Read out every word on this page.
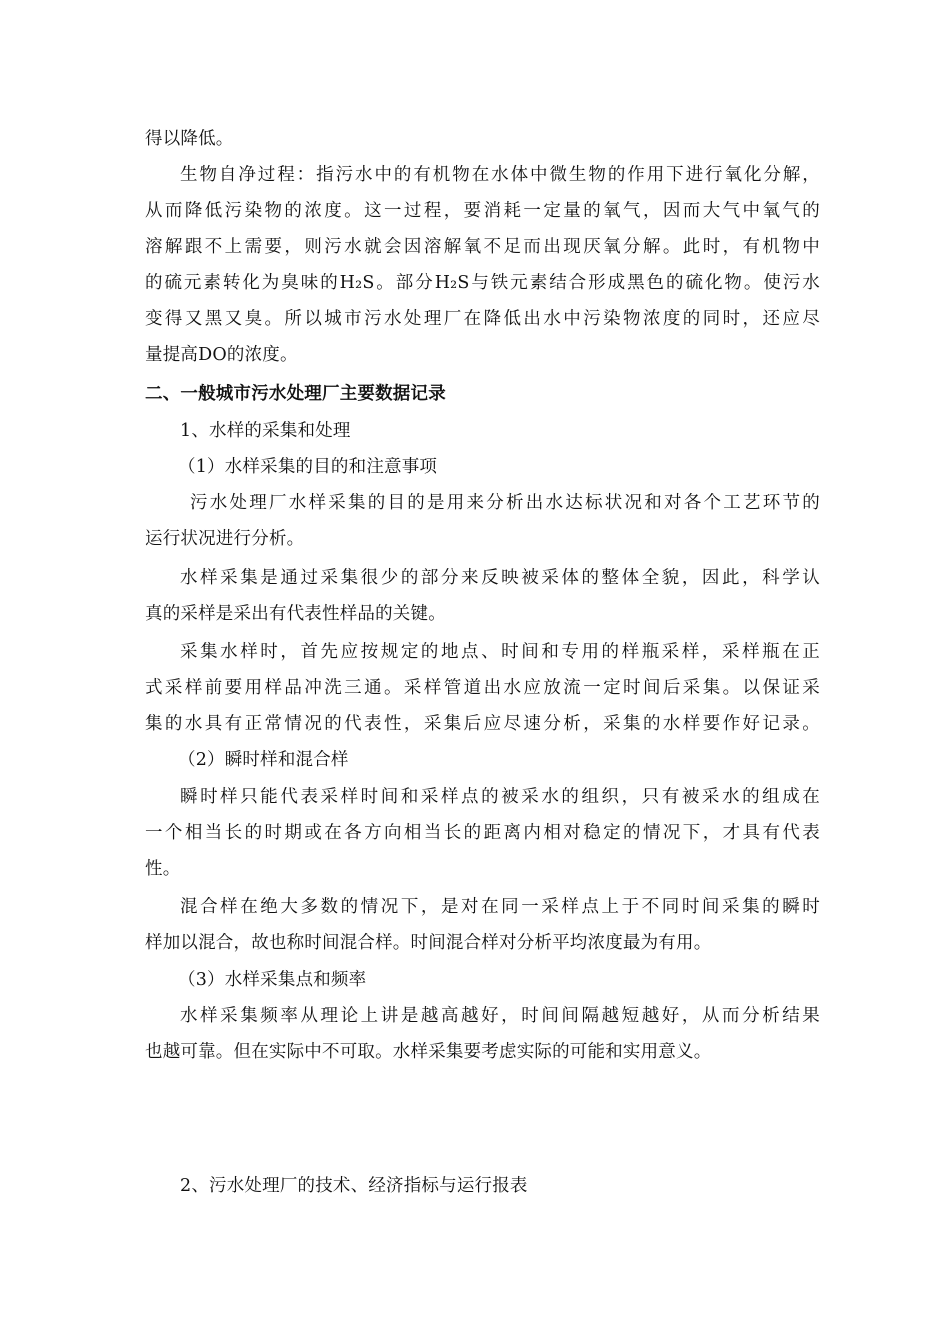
得以降低。
生物自净过程：指污水中的有机物在水体中微生物的作用下进行氧化分解，
从而降低污染物的浓度。这一过程，要消耗一定量的氧气，因而大气中氧气的
溶解跟不上需要，则污水就会因溶解氧不足而出现厌氧分解。此时，有机物中
的硫元素转化为臭味的H₂S。部分H₂S与铁元素结合形成黑色的硫化物。使污水
变得又黑又臭。所以城市污水处理厂在降低出水中污染物浓度的同时，还应尽
量提高DO的浓度。
二、一般城市污水处理厂主要数据记录
1、水样的采集和处理
（1）水样采集的目的和注意事项
污水处理厂水样采集的目的是用来分析出水达标状况和对各个工艺环节的
运行状况进行分析。
水样采集是通过采集很少的部分来反映被采体的整体全貌，因此，科学认
真的采样是采出有代表性样品的关键。
采集水样时，首先应按规定的地点、时间和专用的样瓶采样，采样瓶在正
式采样前要用样品冲洗三通。采样管道出水应放流一定时间后采集。以保证采
集的水具有正常情况的代表性，采集后应尽速分析，采集的水样要作好记录。
（2）瞬时样和混合样
瞬时样只能代表采样时间和采样点的被采水的组织，只有被采水的组成在
一个相当长的时期或在各方向相当长的距离内相对稳定的情况下，才具有代表
性。
混合样在绝大多数的情况下，是对在同一采样点上于不同时间采集的瞬时
样加以混合，故也称时间混合样。时间混合样对分析平均浓度最为有用。
（3）水样采集点和频率
水样采集频率从理论上讲是越高越好，时间间隔越短越好，从而分析结果
也越可靠。但在实际中不可取。水样采集要考虑实际的可能和实用意义。
2、污水处理厂的技术、经济指标与运行报表
